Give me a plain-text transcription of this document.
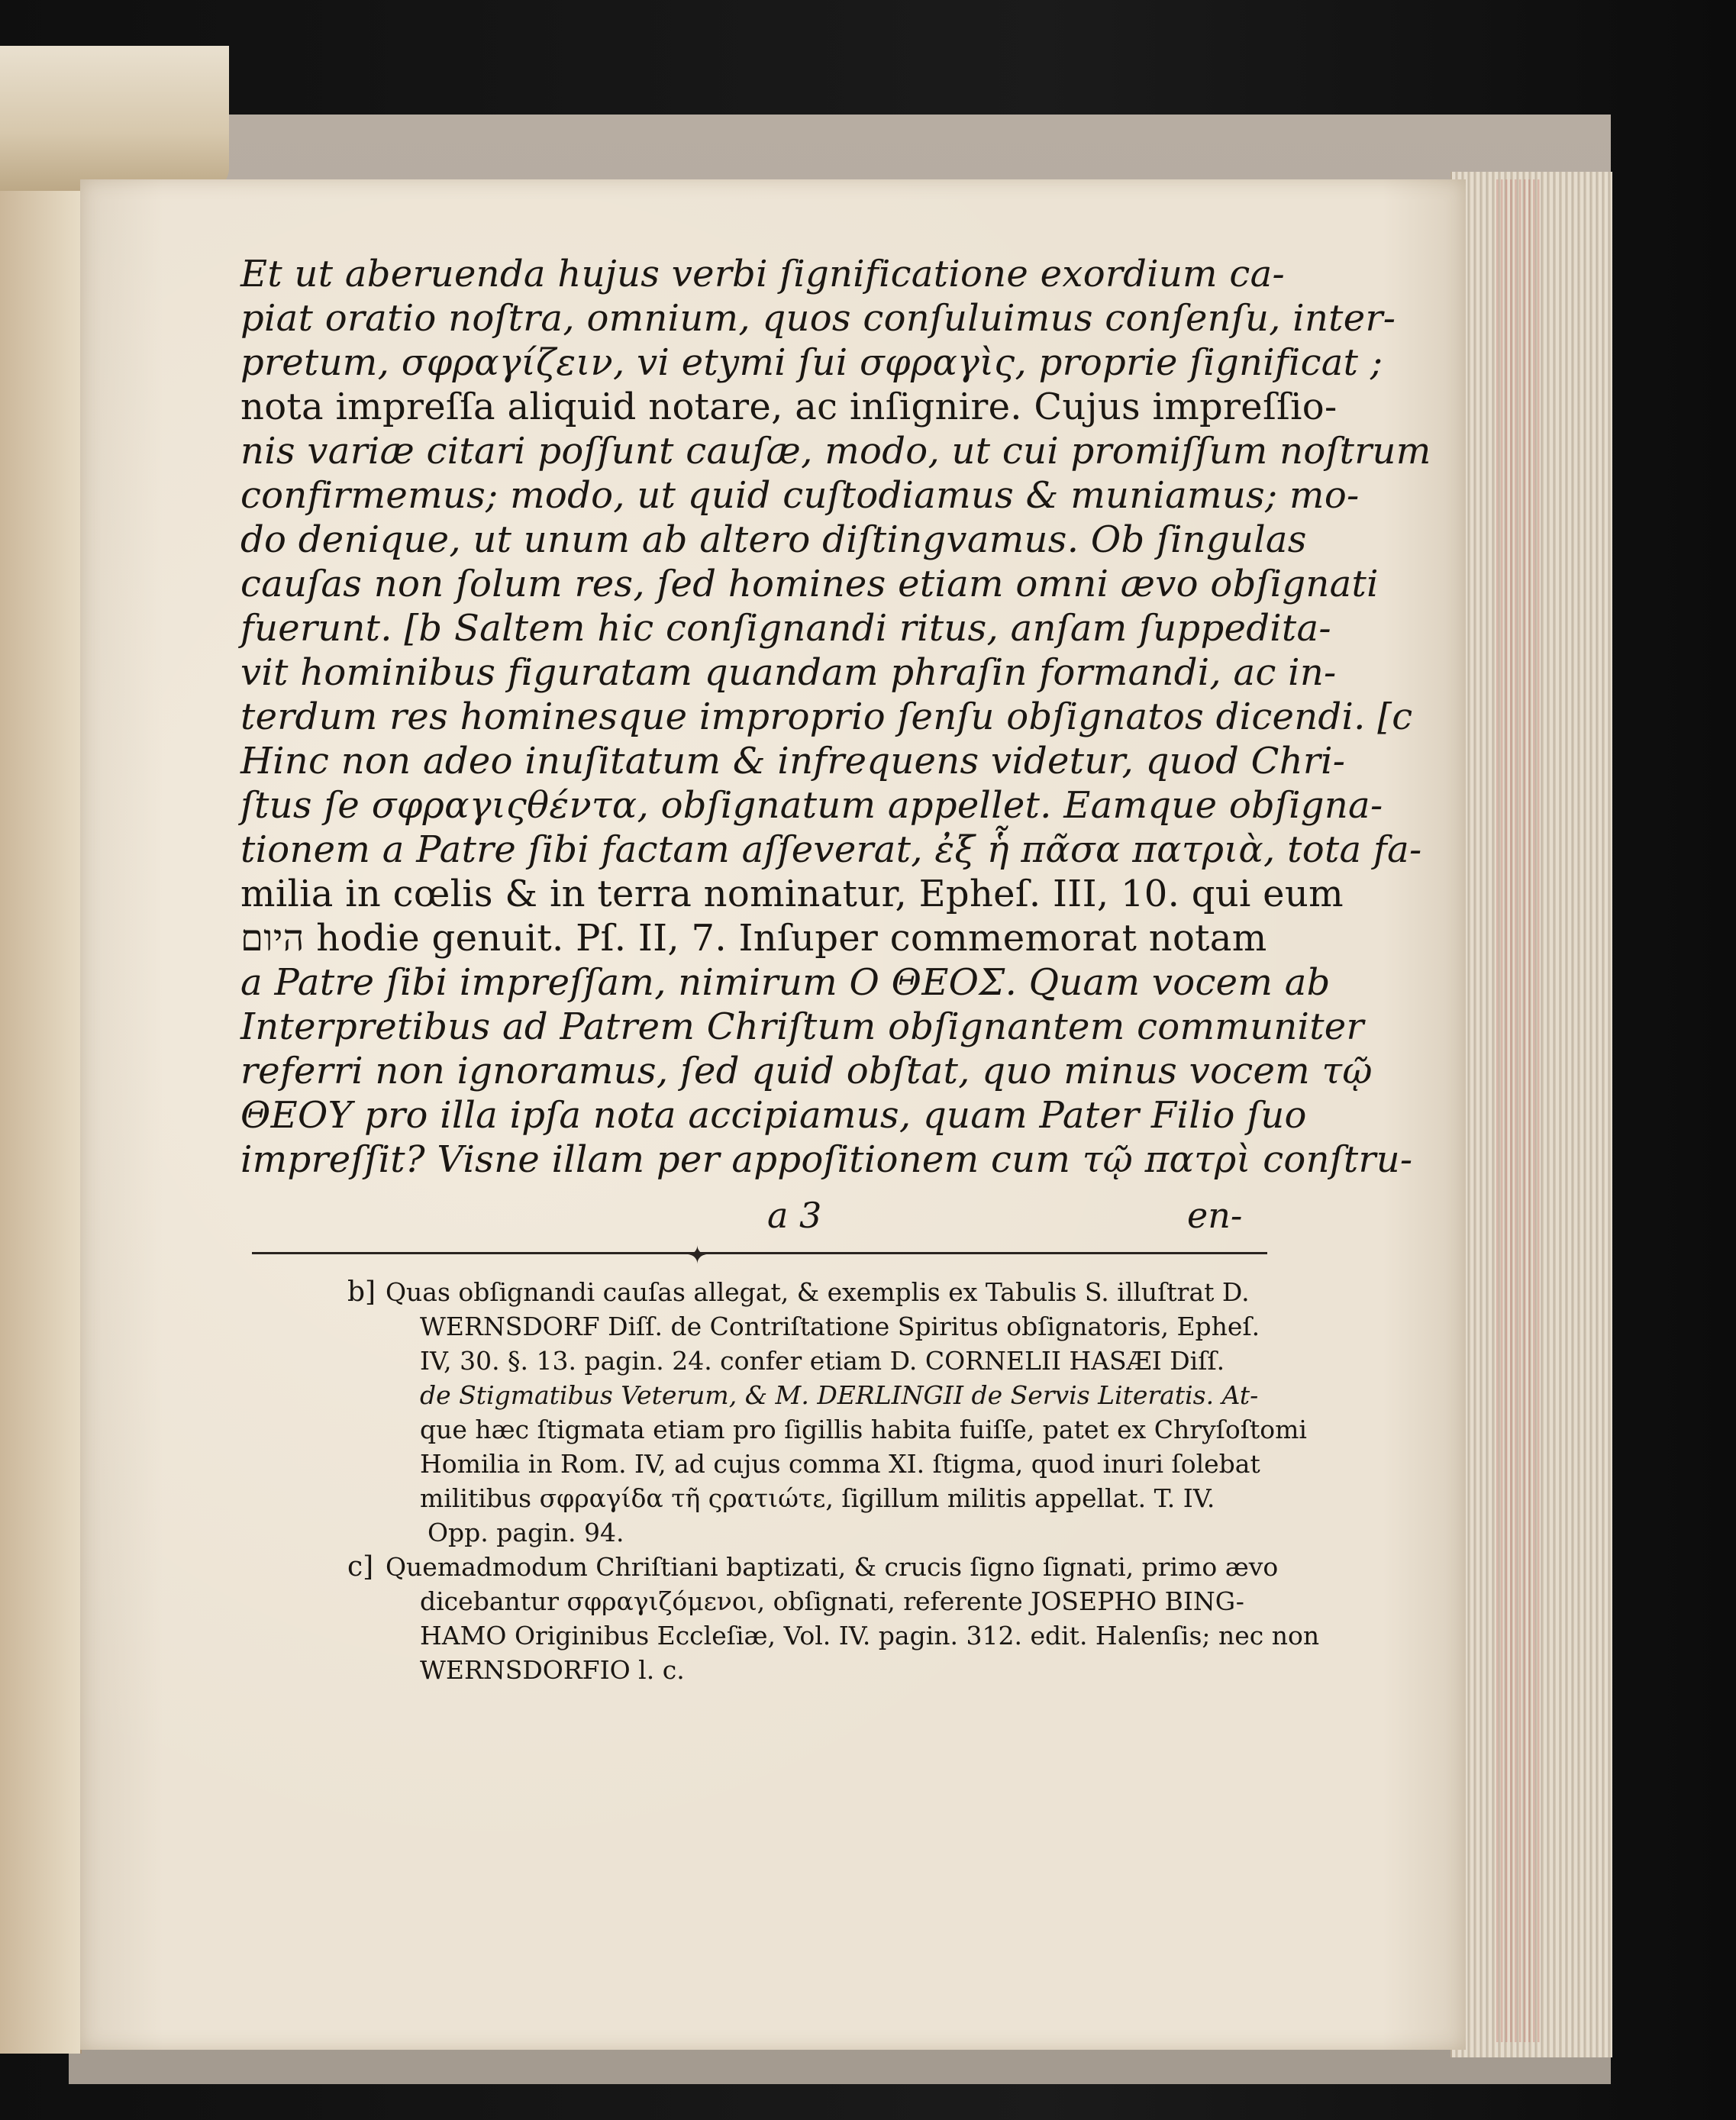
Et ut aberuenda hujus verbi ſignificatione exordium ca-
piat oratio noſtra, omnium, quos conſuluimus conſenſu, inter-
pretum, σφραγίζειν, vi etymi ſui σφραγὶς, proprie ſignificat ;
nota impreſſa aliquid notare, ac inſignire. Cujus impreſſio-
nis variæ citari poſſunt cauſæ, modo, ut cui promiſſum noſtrum
confirmemus; modo, ut quid cuſtodiamus & muniamus; mo-
do denique, ut unum ab altero diſtingvamus. Ob ſingulas
cauſas non ſolum res, ſed homines etiam omni ævo obſignati
fuerunt. [b Saltem hic conſignandi ritus, anſam ſuppedita-
vit hominibus figuratam quandam phraſin formandi, ac in-
terdum res hominesque improprio ſenſu obſignatos dicendi. [c
Hinc non adeo inuſitatum & infrequens videtur, quod Chri-
ſtus ſe σφραγιςθέντα, obſignatum appellet. Eamque obſigna-
tionem a Patre ſibi factam aſſeverat, ἐξ ἧ πᾶσα πατριὰ, tota fa-
milia in cœlis & in terra nominatur, Epheſ. III, 10. qui eum
היום hodie genuit. Pſ. II, 7. Inſuper commemorat notam
a Patre ſibi impreſſam, nimirum Ο ΘΕΟΣ. Quam vocem ab
Interpretibus ad Patrem Chriſtum obſignantem communiter
referri non ignoramus, ſed quid obſtat, quo minus vocem τῷ
ΘΕΟΥ pro illa ipſa nota accipiamus, quam Pater Filio ſuo
impreſſit? Visne illam per appoſitionem cum τῷ πατρὶ conſtru-
a 3	en-
✦
b] Quas obſignandi cauſas allegat, & exemplis ex Tabulis S. illuſtrat D.
WERNSDORF Diſſ. de Contriſtatione Spiritus obſignatoris, Epheſ.
IV, 30. §. 13. pagin. 24. confer etiam D. CORNELII HASÆI Diſſ.
de Stigmatibus Veterum, & M. DERLINGII de Servis Literatis. At-
que hæc ſtigmata etiam pro ſigillis habita fuiſſe, patet ex Chryſoſtomi
Homilia in Rom. IV, ad cujus comma XI. ſtigma, quod inuri ſolebat
militibus σφραγίδα τῆ ςρατιώτε, ſigillum militis appellat. T. IV.
Opp. pagin. 94.
c] Quemadmodum Chriſtiani baptizati, & crucis ſigno ſignati, primo ævo
dicebantur σφραγιζόμενοι, obſignati, referente JOSEPHO BING-
HAMO Originibus Eccleſiæ, Vol. IV. pagin. 312. edit. Halenſis; nec non
WERNSDORFIO l. c.
